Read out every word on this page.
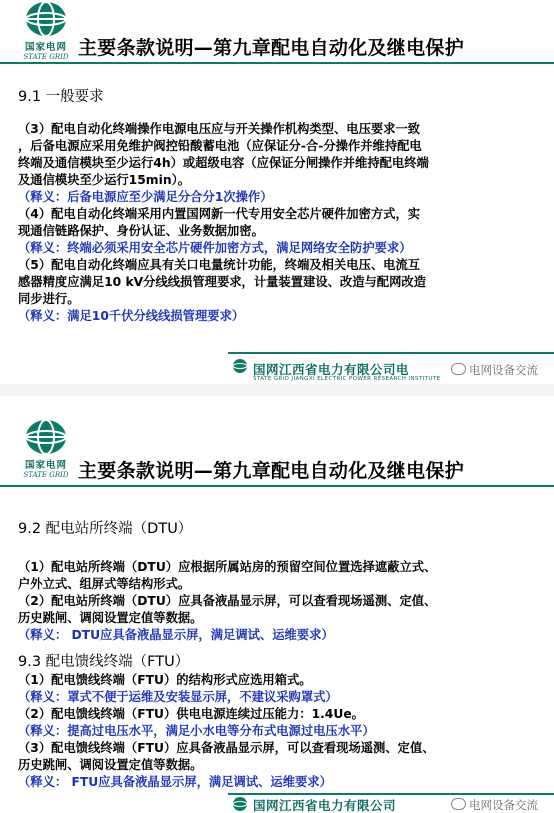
国家电网
STATE GRID 主要条款说明—第九章配电自动化及继电保护
9.1 一般要求
（3）配电自动化终端操作电源电压应与开关操作机构类型、电压要求一致
，后备电源应采用免维护阀控铅酸蓄电池（应保证分-合-分操作并维持配电
终端及通信模块至少运行4h）或超级电容（应保证分闸操作并维持配电终端
及通信模块至少运行15min）。
（释义：后备电源应至少满足分合分1次操作）
（4）配电自动化终端采用内置国网新一代专用安全芯片硬件加密方式，实
现通信链路保护、身份认证、业务数据加密。
（释义：终端必须采用安全芯片硬件加密方式，满足网络安全防护要求）
（5）配电自动化终端应具有关口电量统计功能，终端及相关电压、电流互
感器精度应满足10 kV分线线损管理要求，计量装置建设、改造与配网改造
同步进行。
（释义：满足10千伏分线线损管理要求）
国网江西省电力有限公司电
STATE GRID JIANGXI ELECTRIC POWER RESEARCH INSTITUTE
电网设备交流
国家电网
STATE GRID 主要条款说明—第九章配电自动化及继电保护
9.2 配电站所终端（DTU）
（1）配电站所终端（DTU）应根据所属站房的预留空间位置选择遮蔽立式、
户外立式、组屏式等结构形式。
（2）配电站所终端（DTU）应具备液晶显示屏，可以查看现场遥测、定值、
历史跳闸、调阅设置定值等数据。
（释义： DTU应具备液晶显示屏，满足调试、运维要求）
9.3 配电馈线终端（FTU）
（1）配电馈线终端（FTU）的结构形式应选用箱式。
（释义：罩式不便于运维及安装显示屏，不建议采购罩式）
（2）配电馈线终端（FTU）供电电源连续过压能力：1.4Ue。
（释义：提高过电压水平，满足小水电等分布式电源过电压水平）
（3）配电馈线终端（FTU）应具备液晶显示屏，可以查看现场遥测、定值、
历史跳闸、调阅设置定值等数据。
（释义： FTU应具备液晶显示屏，满足调试、运维要求）
国网江西省电力有限公司	电网设备交流
